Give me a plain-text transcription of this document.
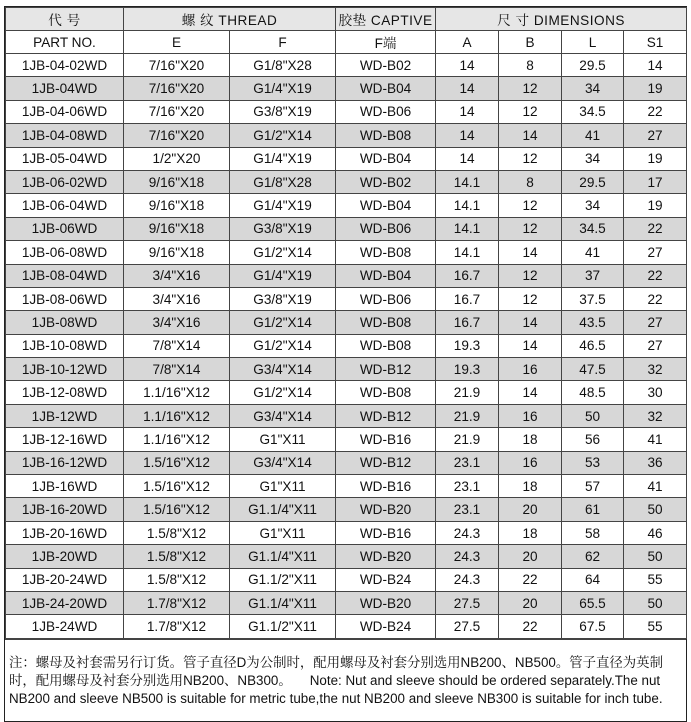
代 号	螺 纹 THREAD		胶垫 CAPTIVE	尺 寸 DIMENSIONS			
PART NO.	E	F	F端	A	B	L	S1
1JB-04-02WD	7/16"X20	G1/8"X28	WD-B02	14	8	29.5	14
1JB-04WD	7/16"X20	G1/4"X19	WD-B04	14	12	34	19
1JB-04-06WD	7/16"X20	G3/8"X19	WD-B06	14	12	34.5	22
1JB-04-08WD	7/16"X20	G1/2"X14	WD-B08	14	14	41	27
1JB-05-04WD	1/2"X20	G1/4"X19	WD-B04	14	12	34	19
1JB-06-02WD	9/16"X18	G1/8"X28	WD-B02	14.1	8	29.5	17
1JB-06-04WD	9/16"X18	G1/4"X19	WD-B04	14.1	12	34	19
1JB-06WD	9/16"X18	G3/8"X19	WD-B06	14.1	12	34.5	22
1JB-06-08WD	9/16"X18	G1/2"X14	WD-B08	14.1	14	41	27
1JB-08-04WD	3/4"X16	G1/4"X19	WD-B04	16.7	12	37	22
1JB-08-06WD	3/4"X16	G3/8"X19	WD-B06	16.7	12	37.5	22
1JB-08WD	3/4"X16	G1/2"X14	WD-B08	16.7	14	43.5	27
1JB-10-08WD	7/8"X14	G1/2"X14	WD-B08	19.3	14	46.5	27
1JB-10-12WD	7/8"X14	G3/4"X14	WD-B12	19.3	16	47.5	32
1JB-12-08WD	1.1/16"X12	G1/2"X14	WD-B08	21.9	14	48.5	30
1JB-12WD	1.1/16"X12	G3/4"X14	WD-B12	21.9	16	50	32
1JB-12-16WD	1.1/16"X12	G1"X11	WD-B16	21.9	18	56	41
1JB-16-12WD	1.5/16"X12	G3/4"X14	WD-B12	23.1	16	53	36
1JB-16WD	1.5/16"X12	G1"X11	WD-B16	23.1	18	57	41
1JB-16-20WD	1.5/16"X12	G1.1/4"X11	WD-B20	23.1	20	61	50
1JB-20-16WD	1.5/8"X12	G1"X11	WD-B16	24.3	18	58	46
1JB-20WD	1.5/8"X12	G1.1/4"X11	WD-B20	24.3	20	62	50
1JB-20-24WD	1.5/8"X12	G1.1/2"X11	WD-B24	24.3	22	64	55
1JB-24-20WD	1.7/8"X12	G1.1/4"X11	WD-B20	27.5	20	65.5	50
1JB-24WD	1.7/8"X12	G1.1/2"X11	WD-B24	27.5	22	67.5	55
注：螺母及衬套需另行订货。管子直径D为公制时，配用螺母及衬套分别选用NB200、NB500。管子直径为英制时，配用螺母及衬套分别选用NB200、NB300。 Note: Nut and sleeve should be ordered separately.The nut NB200 and sleeve NB500 is suitable for metric tube,the nut NB200 and sleeve NB300 is suitable for inch tube.
